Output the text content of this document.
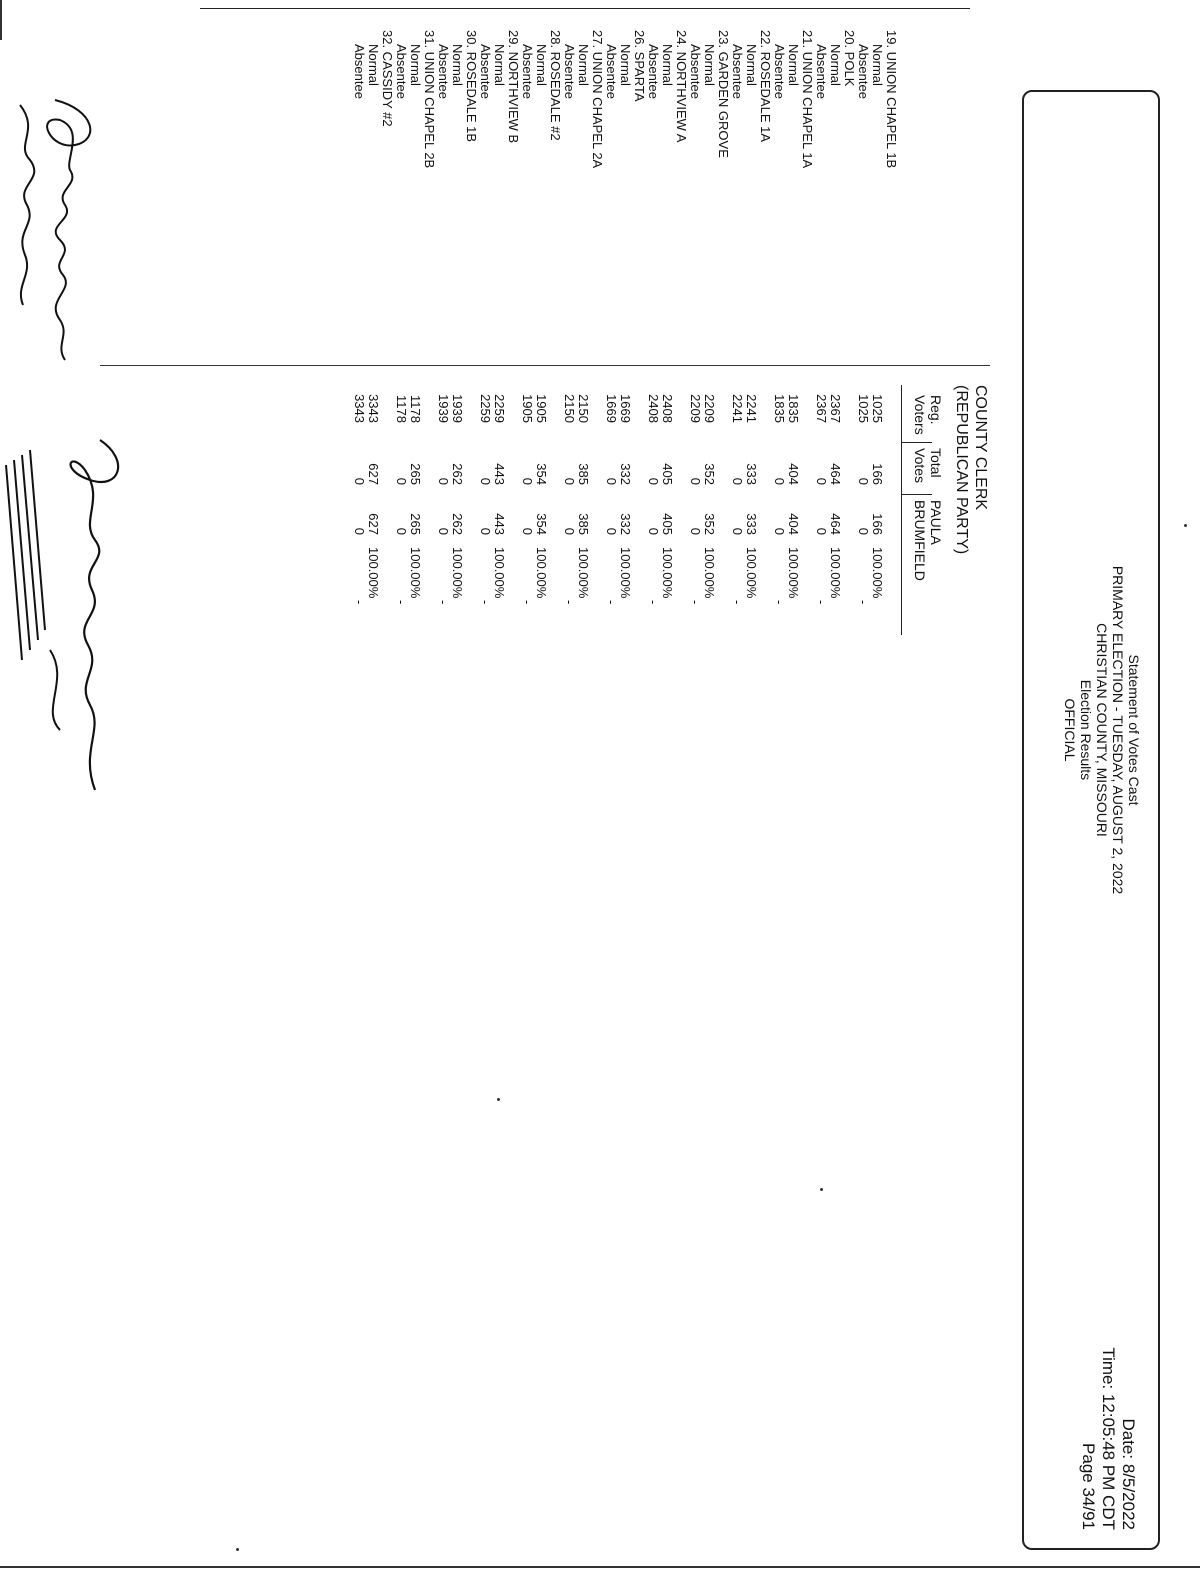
Statement of Votes Cast
PRIMARY ELECTION - TUESDAY, AUGUST 2, 2022
CHRISTIAN COUNTY, MISSOURI
Election Results
OFFICIAL
Date: 8/5/2022
Time: 12:05:48 PM CDT
Page 34/91
COUNTY CLERK
(REPUBLICAN PARTY)
Reg.
Voters
Total
Votes
PAULA
BRUMFIELD
19. UNION CHAPEL 1B
Normal
1025
166
166
100.00%
Absentee
1025
0
0
-
20. POLK
Normal
2367
464
464
100.00%
Absentee
2367
0
0
-
21. UNION CHAPEL 1A
Normal
1835
404
404
100.00%
Absentee
1835
0
0
-
22. ROSEDALE 1A
Normal
2241
333
333
100.00%
Absentee
2241
0
0
-
23. GARDEN GROVE
Normal
2209
352
352
100.00%
Absentee
2209
0
0
-
24. NORTHVIEW A
Normal
2408
405
405
100.00%
Absentee
2408
0
0
-
26. SPARTA
Normal
1669
332
332
100.00%
Absentee
1669
0
0
-
27. UNION CHAPEL 2A
Normal
2150
385
385
100.00%
Absentee
2150
0
0
-
28. ROSEDALE #2
Normal
1905
354
354
100.00%
Absentee
1905
0
0
-
29. NORTHVIEW B
Normal
2259
443
443
100.00%
Absentee
2259
0
0
-
30. ROSEDALE 1B
Normal
1939
262
262
100.00%
Absentee
1939
0
0
-
31. UNION CHAPEL 2B
Normal
1178
265
265
100.00%
Absentee
1178
0
0
-
32. CASSIDY #2
Normal
3343
627
627
100.00%
Absentee
3343
0
0
-
